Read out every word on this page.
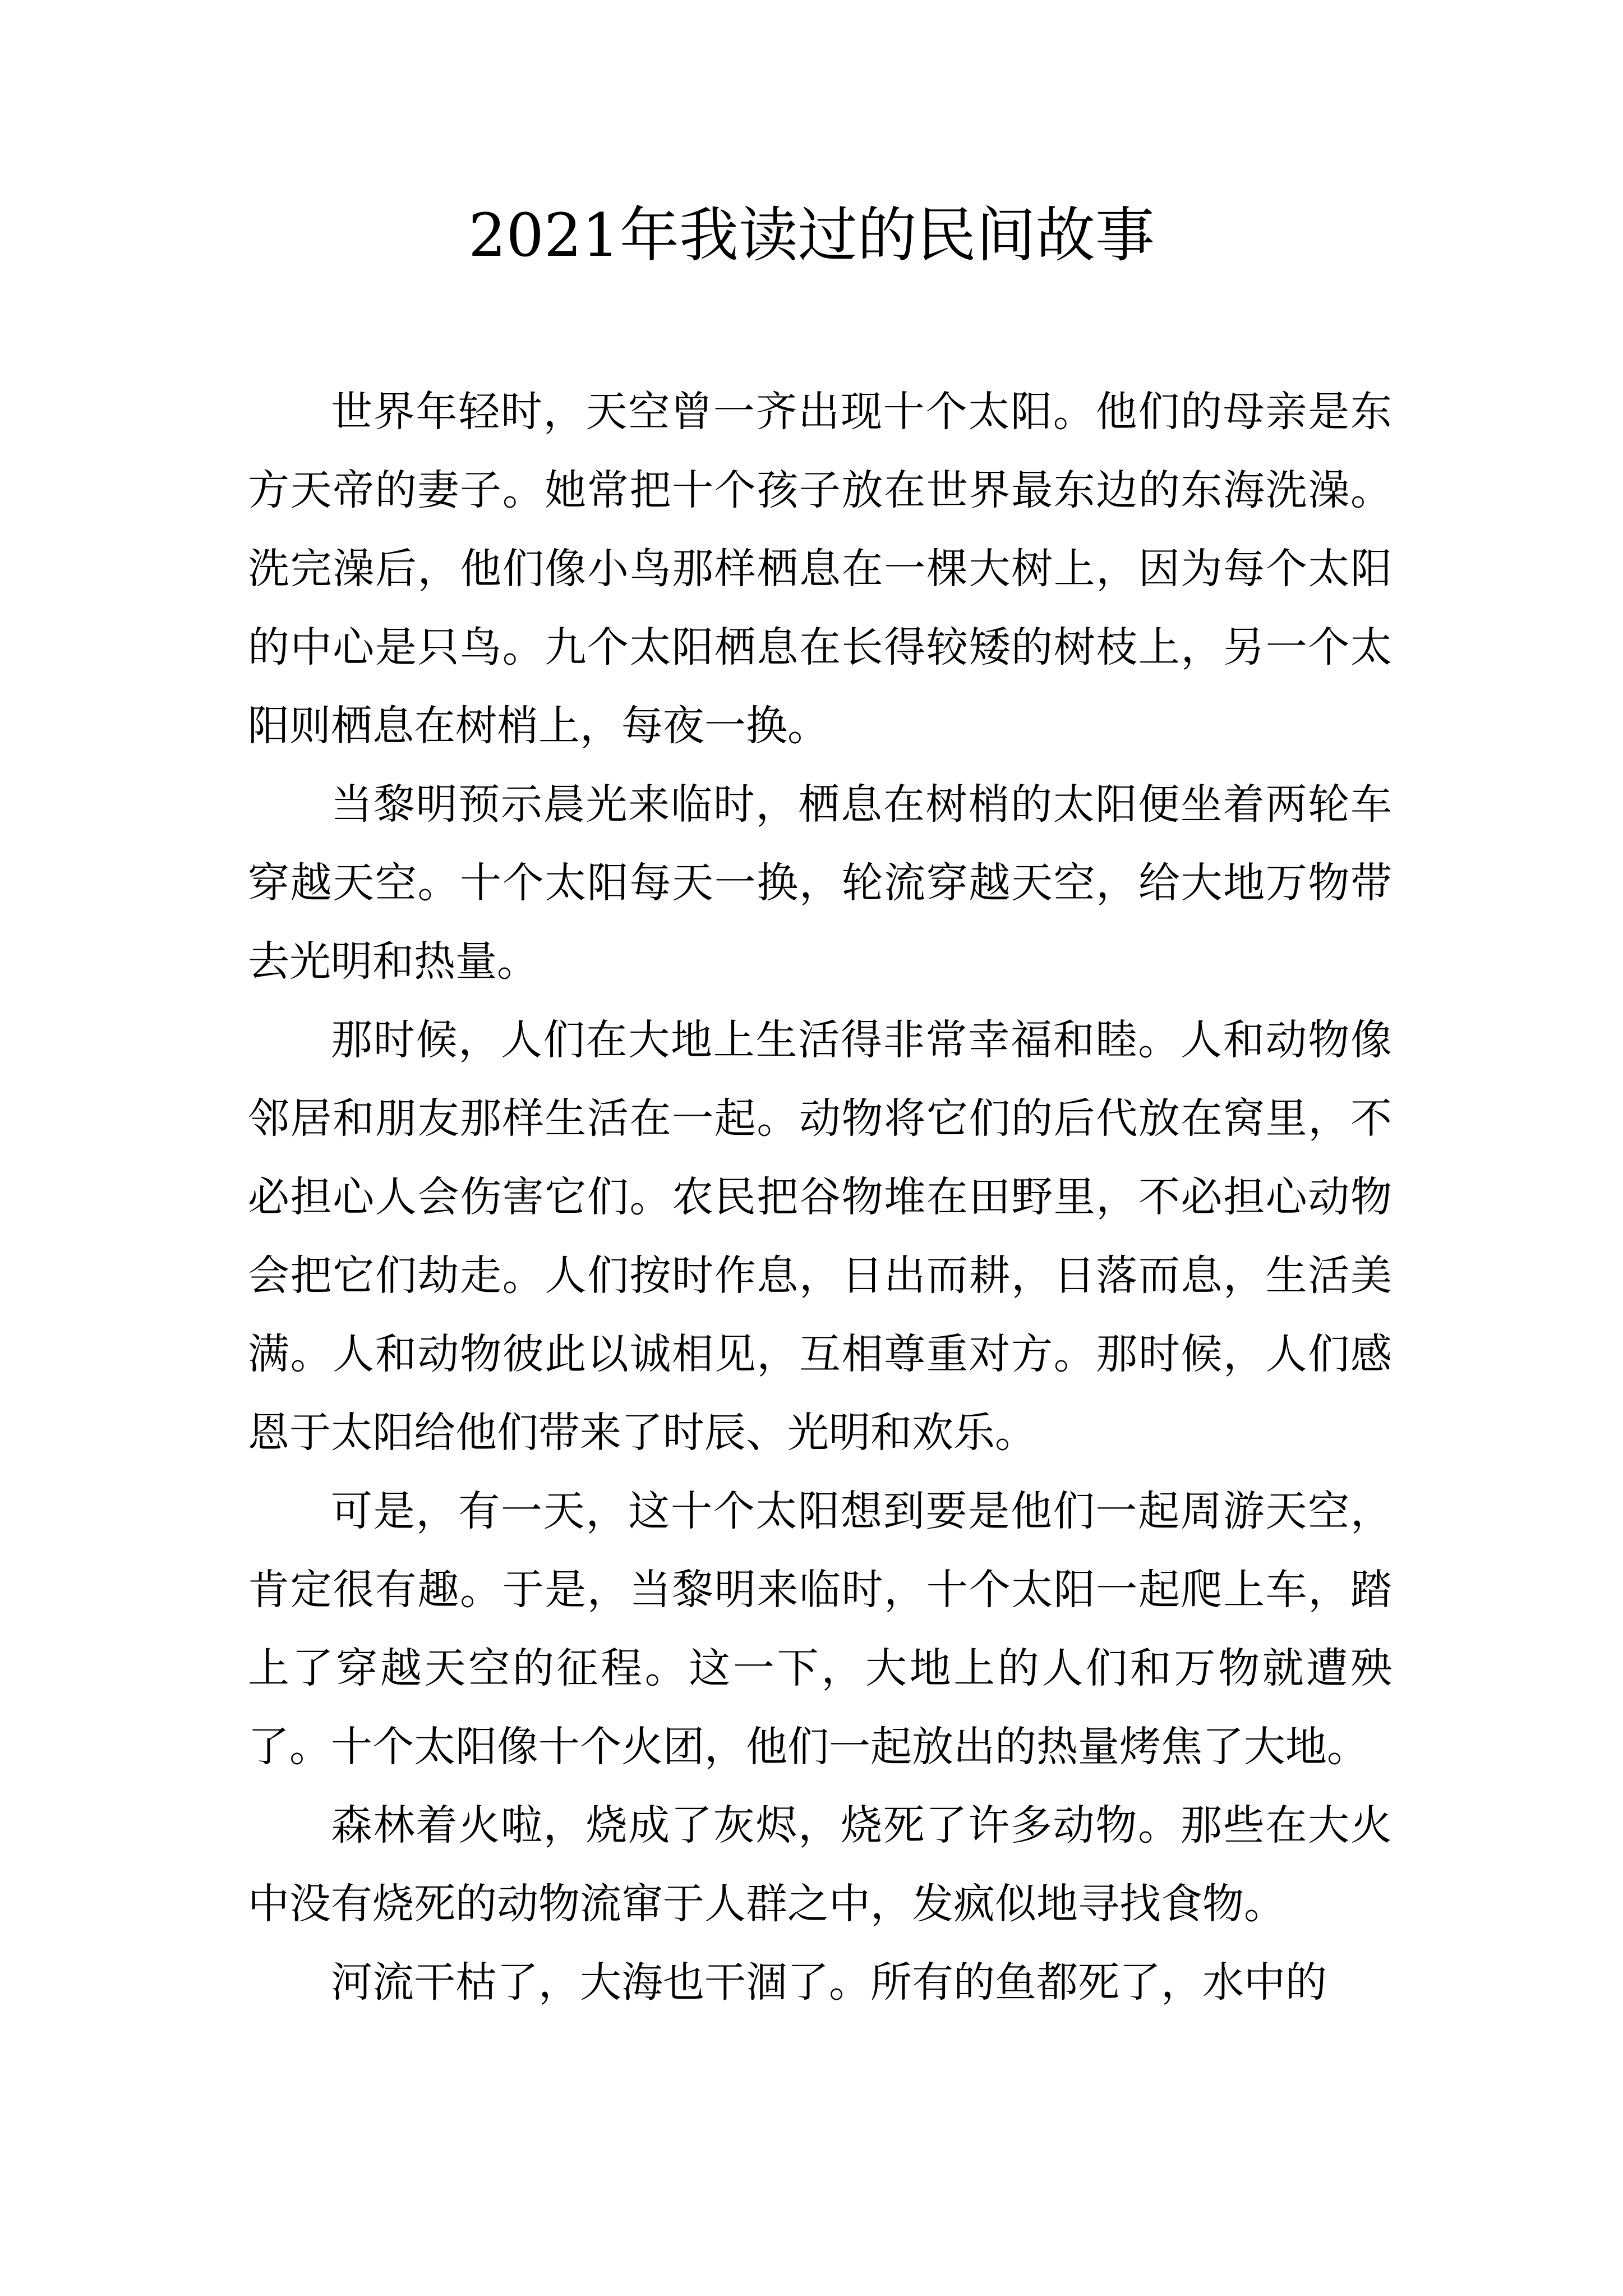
2021年我读过的民间故事

世界年轻时，天空曾一齐出现十个太阳。他们的母亲是东方天帝的妻子。她常把十个孩子放在世界最东边的东海洗澡。洗完澡后，他们像小鸟那样栖息在一棵大树上，因为每个太阳的中心是只鸟。九个太阳栖息在长得较矮的树枝上，另一个太阳则栖息在树梢上，每夜一换。

当黎明预示晨光来临时，栖息在树梢的太阳便坐着两轮车穿越天空。十个太阳每天一换，轮流穿越天空，给大地万物带去光明和热量。

那时候，人们在大地上生活得非常幸福和睦。人和动物像邻居和朋友那样生活在一起。动物将它们的后代放在窝里，不必担心人会伤害它们。农民把谷物堆在田野里，不必担心动物会把它们劫走。人们按时作息，日出而耕，日落而息，生活美满。人和动物彼此以诚相见，互相尊重对方。那时候，人们感恩于太阳给他们带来了时辰、光明和欢乐。

可是，有一天，这十个太阳想到要是他们一起周游天空，肯定很有趣。于是，当黎明来临时，十个太阳一起爬上车，踏上了穿越天空的征程。这一下，大地上的人们和万物就遭殃了。十个太阳像十个火团，他们一起放出的热量烤焦了大地。

森林着火啦，烧成了灰烬，烧死了许多动物。那些在大火中没有烧死的动物流窜于人群之中，发疯似地寻找食物。

河流干枯了，大海也干涸了。所有的鱼都死了，水中的
